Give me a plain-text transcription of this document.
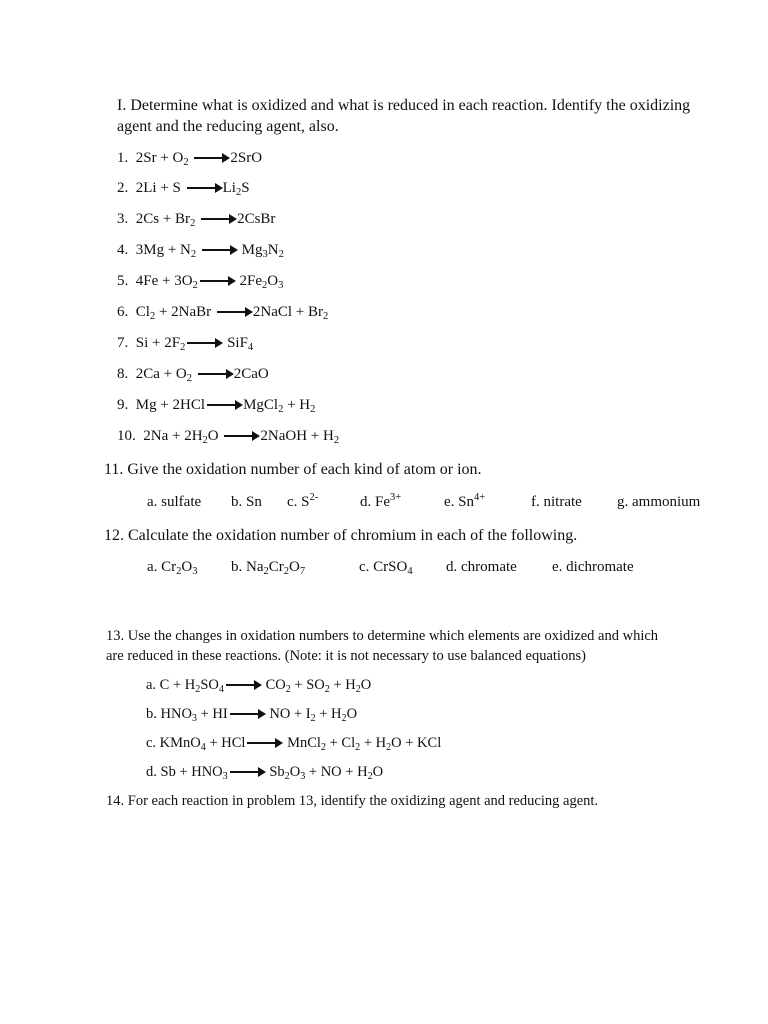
I. Determine what is oxidized and what is reduced in each reaction. Identify the oxidizing
agent and the reducing agent, also.
1. $2Sr + O_2 \to 2SrO$
2. $2Li + S \to Li_2S$
3. $2Cs + Br_2$ → 2CsBr
4. $3Mg + N_2 \to Mg_3N_2$
5. $4Fe + 3O_2 \to 2Fe_2O_3$
6. $Cl_2$ + 2NaBr → 2NaCl + $Br_2$
7. $Si + 2F_2 \to SiF_4$
8. $2Ca + O_2 \to 2CaO$
9. Mg + 2HCl → MgCl$_2$ + $H_2$
10. $2Na + 2H_2O$ → 2NaOH + $H_2$
11. Give the oxidation number of each kind of atom or ion.
a. sulfate b. Sn c. $S^{2-}$	d. $Fe^{3+}$	e. $Sn^{4+}$	f. nitrate g. ammonium
12. Calculate the oxidation number of chromium in each of the following.
a. $Cr_2O_3$ b. $Na_2Cr_2O_7$	c. CrSO$_4$ d. chromate e. dichromate
13. Use the changes in oxidation numbers to determine which elements are oxidized and which
are reduced in these reactions. (Note: it is not necessary to use balanced equations)
a. $C + H_2SO_4 \to CO_2 + SO_2 + H_2O$
b. $HNO_3$ + HI → NO + $I_2 + H_2O$
c. KMnO$_4$ + HCl → MnCl$_2$ + $Cl_2 + H_2O$ + KCl
d. $Sb + HNO_3 \to Sb_2O_3$ + NO + $H_2O$
14. For each reaction in problem 13, identify the oxidizing agent and reducing agent.
